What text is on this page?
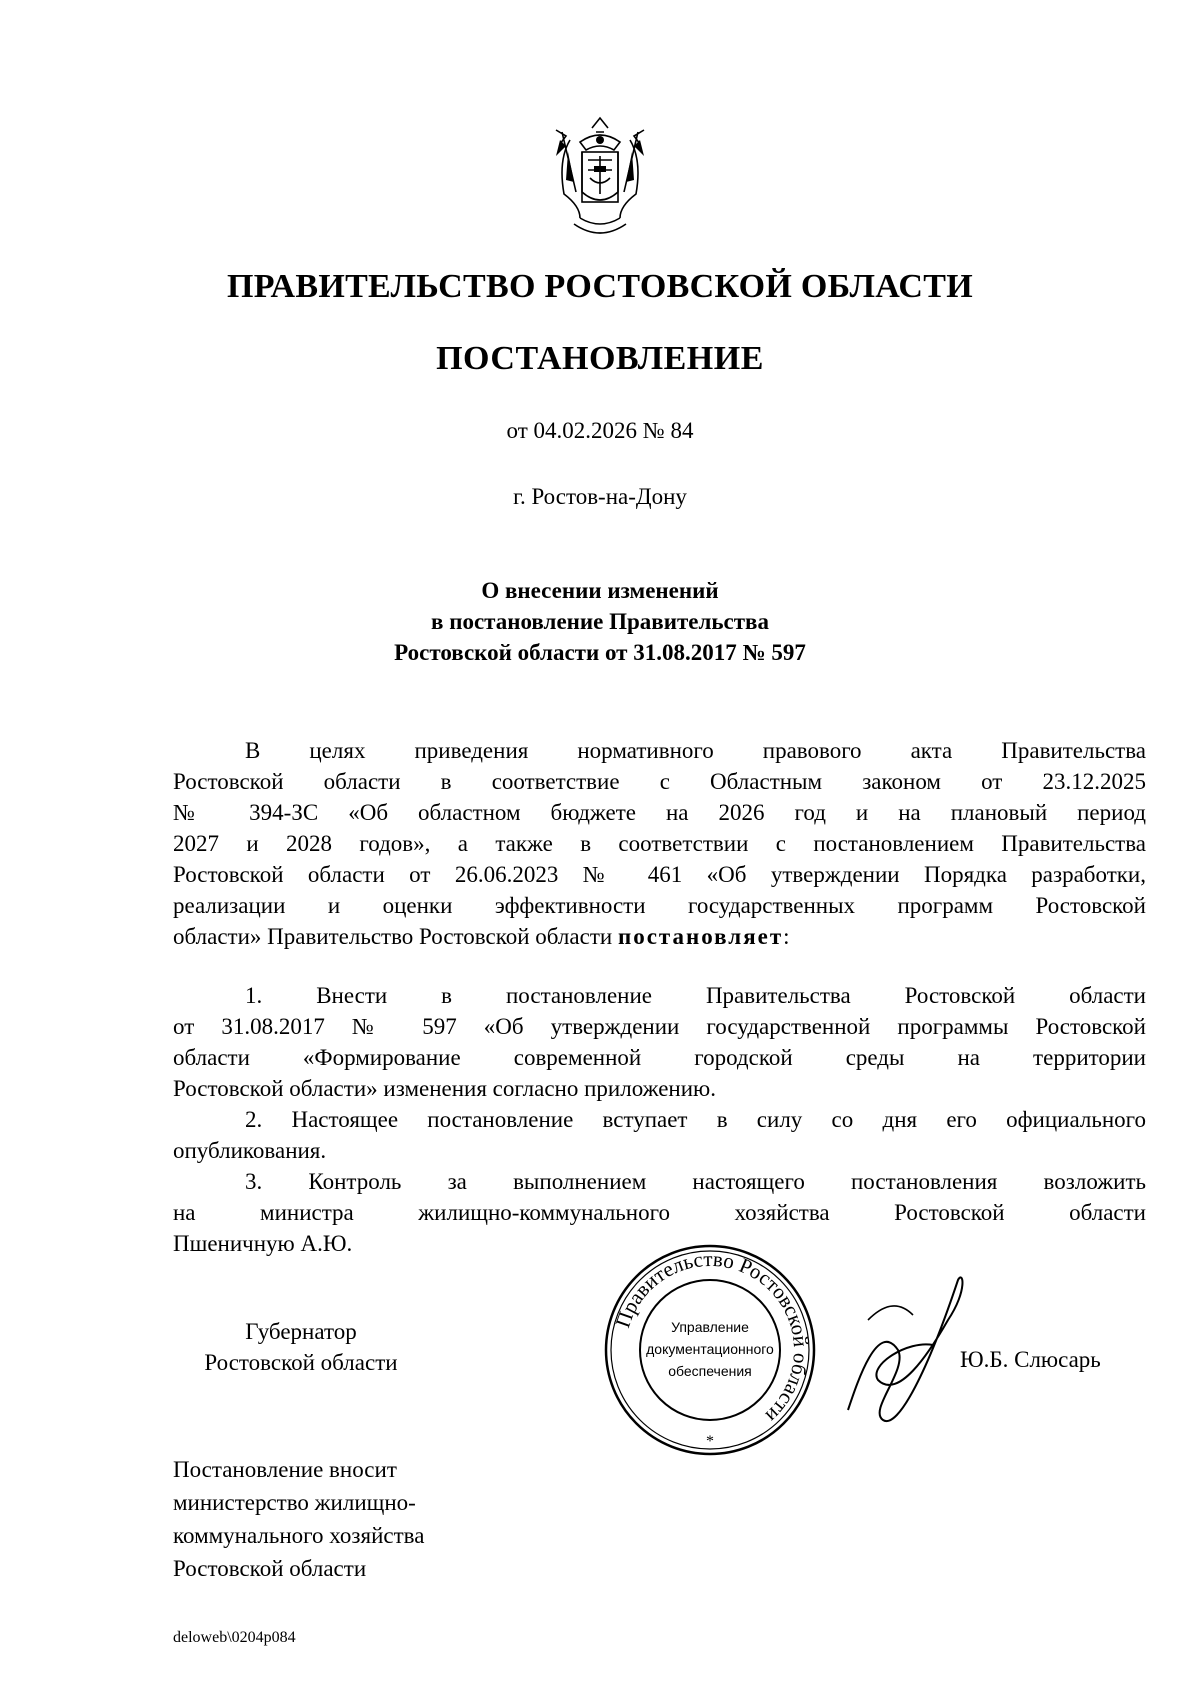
ПРАВИТЕЛЬСТВО РОСТОВСКОЙ ОБЛАСТИ
ПОСТАНОВЛЕНИЕ
от 04.02.2026 № 84
г. Ростов-на-Дону
О внесении изменений
в постановление Правительства
Ростовской области от 31.08.2017 № 597
В целях приведения нормативного правового акта Правительства
Ростовской области в соответствие с Областным законом от 23.12.2025
№ 394-ЗС «Об областном бюджете на 2026 год и на плановый период
2027 и 2028 годов», а также в соответствии с постановлением Правительства
Ростовской области от 26.06.2023 № 461 «Об утверждении Порядка разработки,
реализации и оценки эффективности государственных программ Ростовской
области» Правительство Ростовской области постановляет:
1. Внести в постановление Правительства Ростовской области
от 31.08.2017 № 597 «Об утверждении государственной программы Ростовской
области «Формирование современной городской среды на территории
Ростовской области» изменения согласно приложению.
2. Настоящее постановление вступает в силу со дня его официального
опубликования.
3. Контроль за выполнением настоящего постановления возложить
на министра жилищно-коммунального хозяйства Ростовской области
Пшеничную А.Ю.
Губернатор
Ростовской области
Правительство Ростовской области
Управление
документационного
обеспечения
*
Ю.Б. Слюсарь
Постановление вносит
министерство жилищно-
коммунального хозяйства
Ростовской области
deloweb\0204p084
